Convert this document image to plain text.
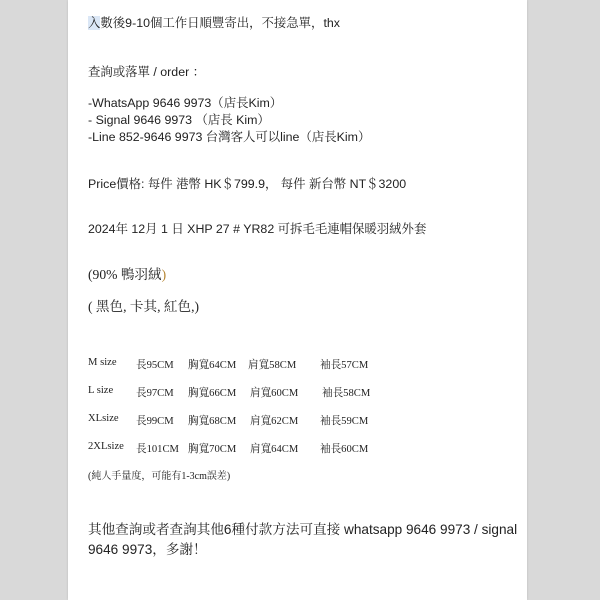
入數後9-10個工作日順豐寄出，不接急單，thx
查詢或落單 / order ：
-WhatsApp 9646 9973（店長Kim）
- Signal 9646 9973 （店長 Kim）
-Line 852-9646 9973 台灣客人可以line（店長Kim）
Price價格: 每件 港幣 HK＄799.9， 每件 新台幣 NT＄3200
2024年 12月 1 日 XHP 27 # YR82 可拆毛毛連帽保暖羽絨外套
(90% 鴨羽絨)
( 黑色, 卡其, 紅色,)
M size 長95CM 胸寬64CM 肩寬58CM 袖長57CM
L size 長97CM 胸寬66CM 肩寬60CM 袖長58CM
XLsize 長99CM 胸寬68CM 肩寬62CM 袖長59CM
2XLsize 長101CM 胸寬70CM 肩寬64CM 袖長60CM
(純人手量度，可能有1-3cm誤差)
其他查詢或者查詢其他6種付款方法可直接 whatsapp 9646 9973 / signal
9646 9973，多謝！
